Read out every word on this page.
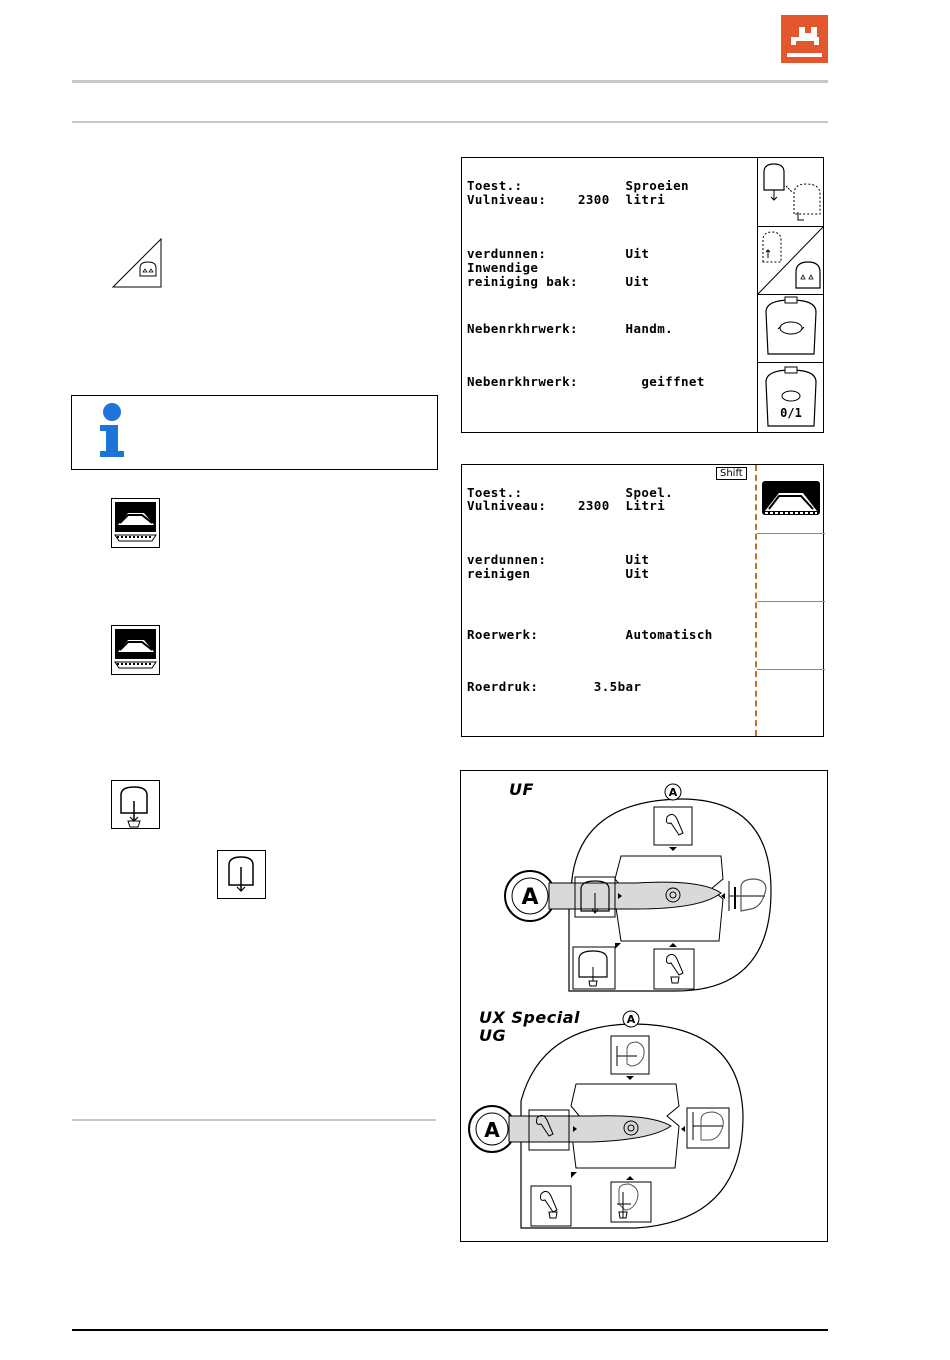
Toest.:             Sproeien
Vulniveau:    2300  litri
verdunnen:          Uit
Inwendige
reiniging bak:      Uit
Nebenrkhrwerk:      Handm.
Nebenrkhrwerk:        geiffnet
0/1
Shift
Toest.:             Spoel.
Vulniveau:    2300  Litri
verdunnen:          Uit
reinigen            Uit
Roerwerk:           Automatisch
Roerdruk:       3.5bar
UF
A
A
UX Special
UG
A
A
